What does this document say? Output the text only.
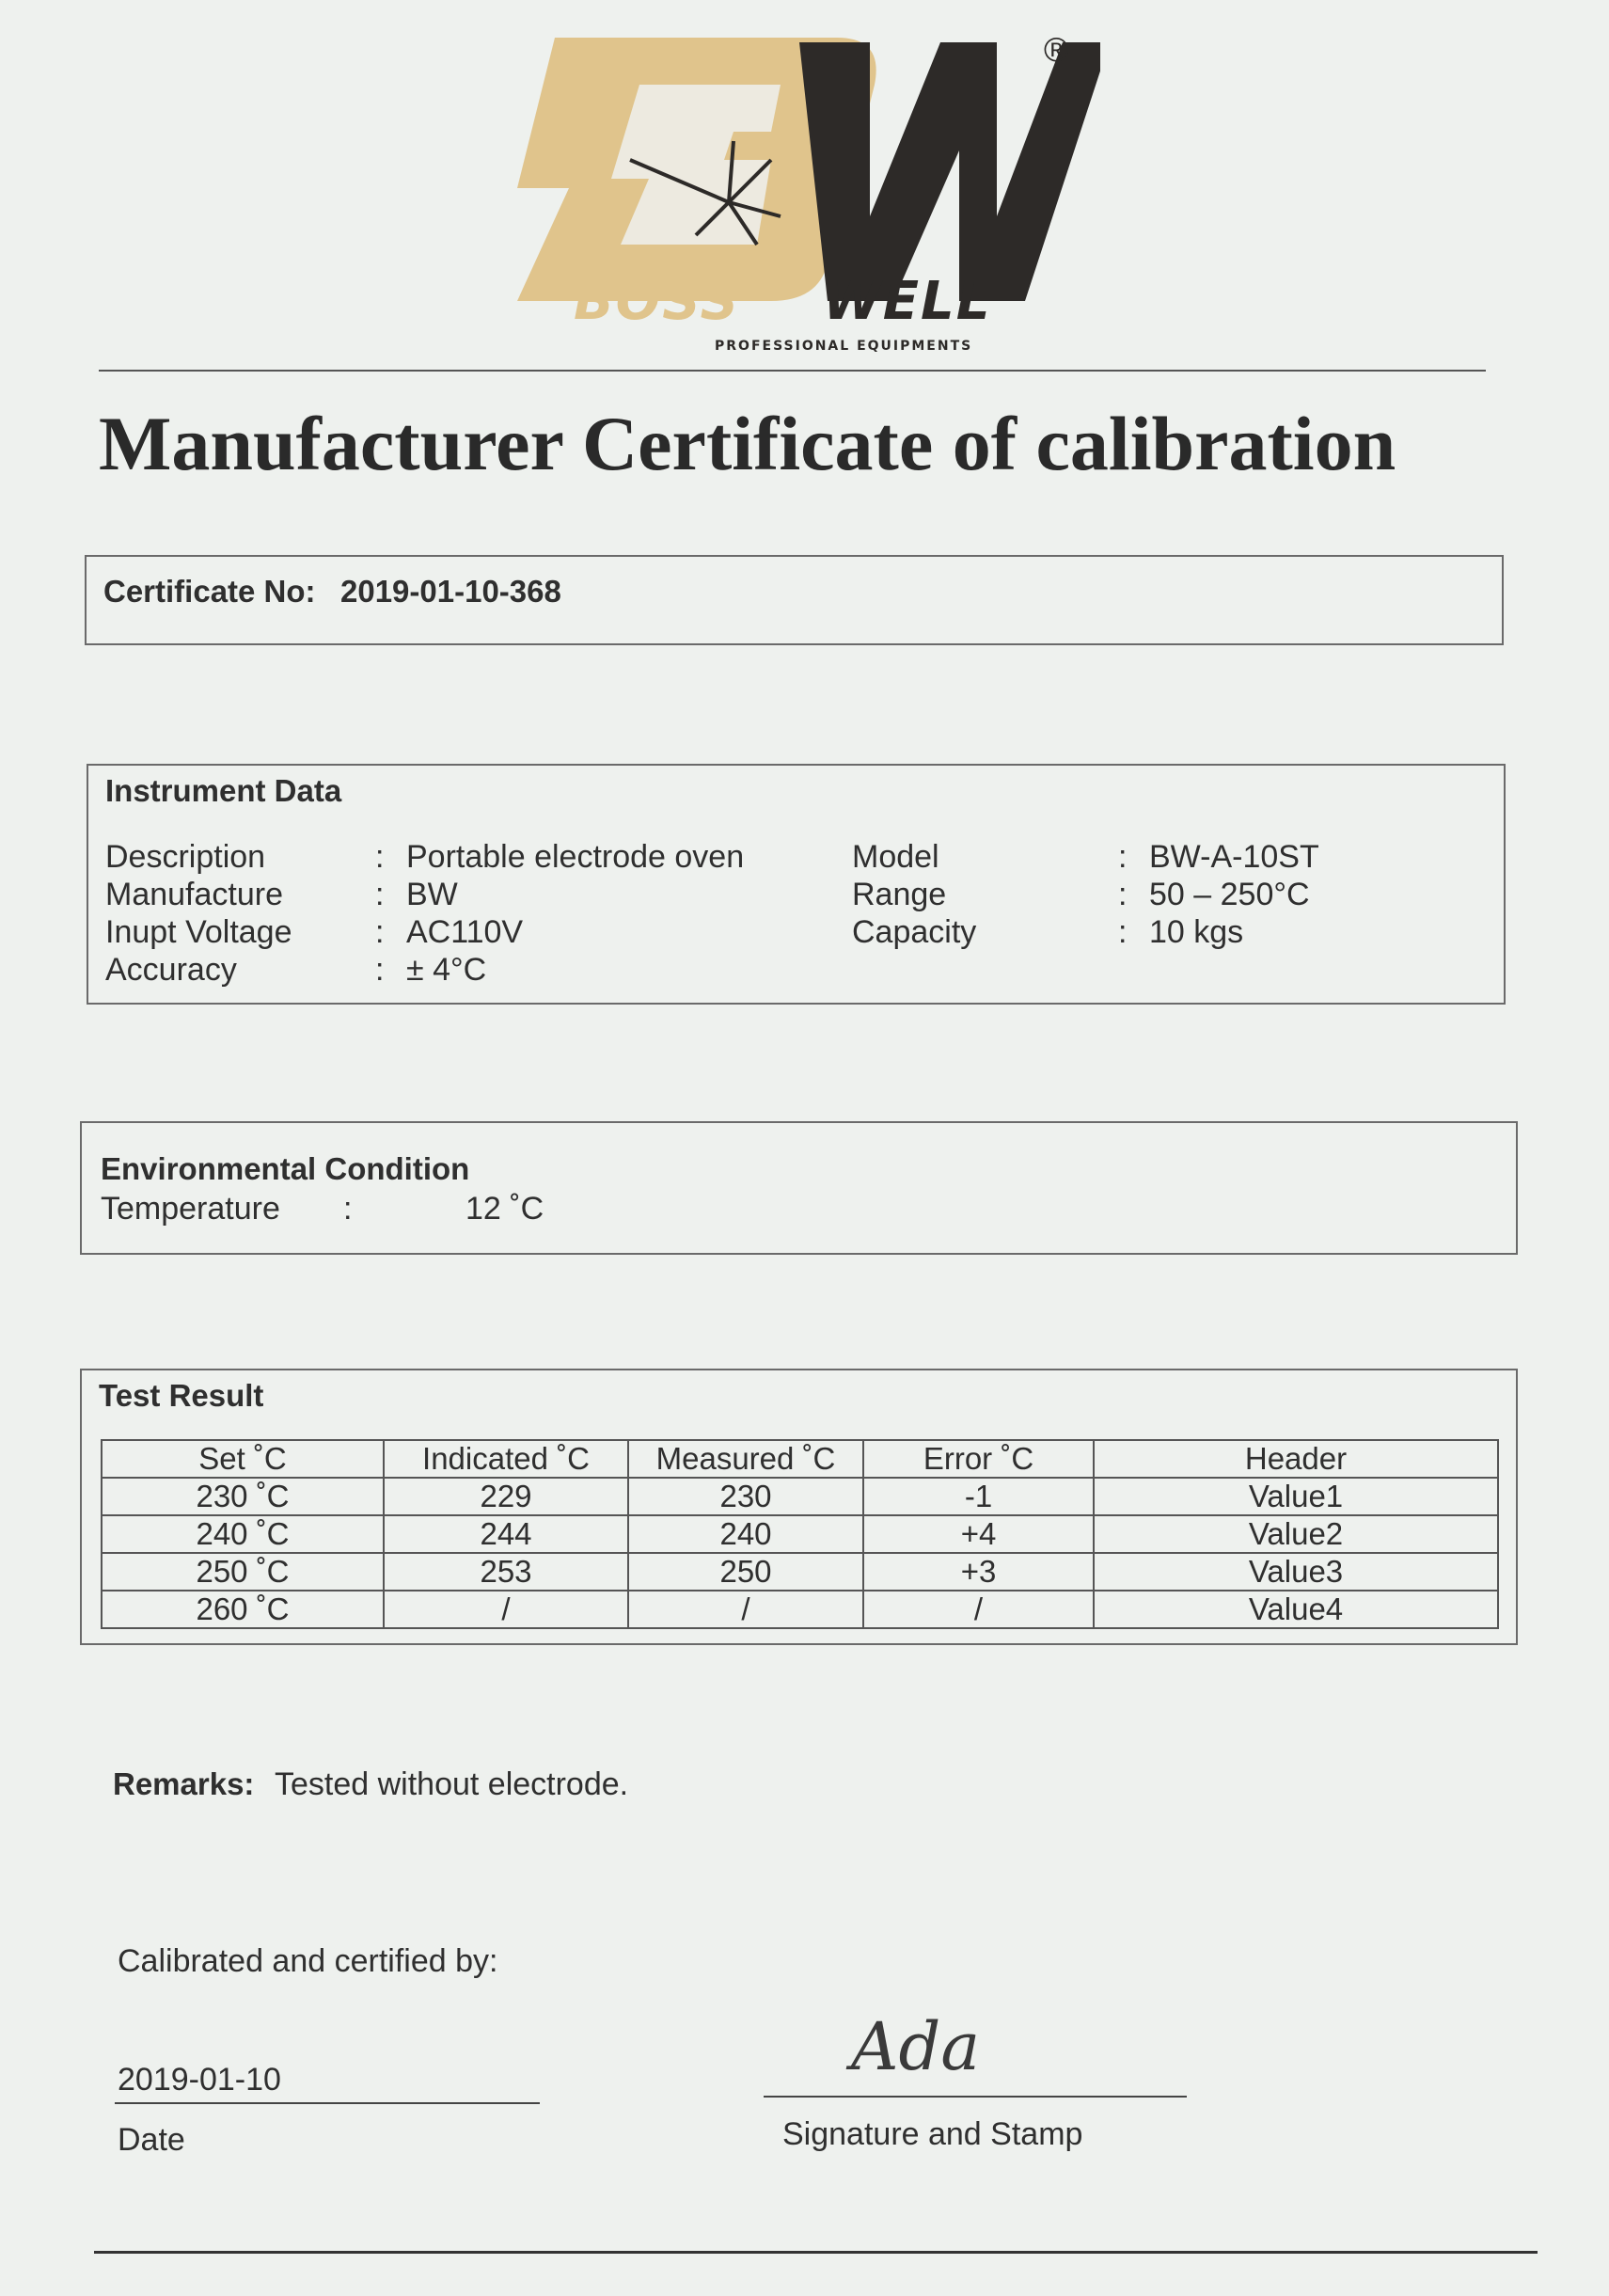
BOSS WELL
PROFESSIONAL EQUIPMENTS
®
Manufacturer Certificate of calibration
Certificate No: 2019-01-10-368
Instrument Data
Description	: Portable electrode oven
Manufacture	: BW
Inupt Voltage	: AC110V
Accuracy	: ± 4°C
Model	: BW-A-10ST
Range	: 50 – 250°C
Capacity	: 10 kgs
Environmental Condition
Temperature :	12 ˚C
Test Result
Set ˚C	Indicated ˚C	Measured ˚C	Error ˚C	Header
230 ˚C	229	230	-1	Value1
240 ˚C	244	240	+4	Value2
250 ˚C	253	250	+3	Value3
260 ˚C	/	/	/	Value4
Remarks: Tested without electrode.
Calibrated and certified by:
2019-01-10
Date
Ada
Signature and Stamp
